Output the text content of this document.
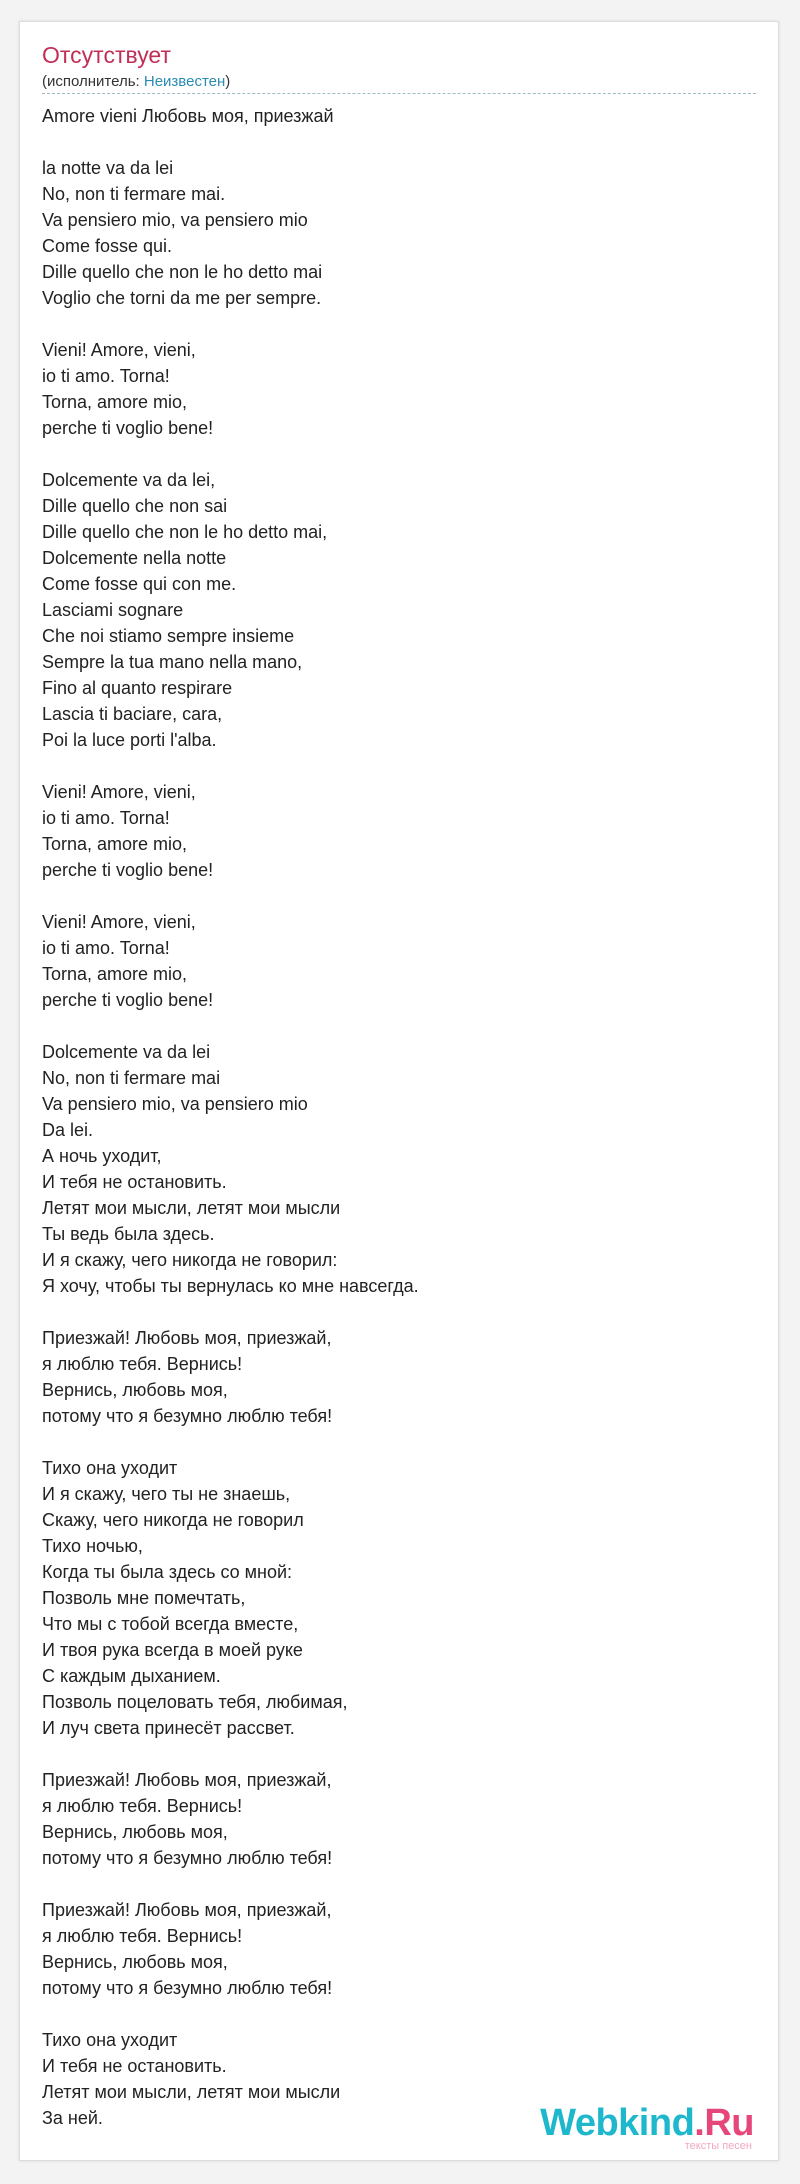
Отсутствует
(исполнитель: Неизвестен)
Amore vieni Любовь моя, приезжай
la notte va da lei
No, non ti fermare mai.
Va pensiero mio, va pensiero mio
Come fosse qui.
Dille quello che non le ho detto mai
Voglio che torni da me per sempre.
Vieni! Amore, vieni,
io ti amo. Torna!
Torna, amore mio,
perche ti voglio bene!
Dolcemente va da lei,
Dille quello che non sai
Dille quello che non le ho detto mai,
Dolcemente nella notte
Come fosse qui con me.
Lasciami sognare
Che noi stiamo sempre insieme
Sempre la tua mano nella mano,
Fino al quanto respirare
Lascia ti baciare, cara,
Poi la luce porti l'alba.
Vieni! Amore, vieni,
io ti amo. Torna!
Torna, amore mio,
perche ti voglio bene!
Vieni! Amore, vieni,
io ti amo. Torna!
Torna, amore mio,
perche ti voglio bene!
Dolcemente va da lei
No, non ti fermare mai
Va pensiero mio, va pensiero mio
Da lei.
А ночь уходит,
И тебя не остановить.
Летят мои мысли, летят мои мысли
Ты ведь была здесь.
И я скажу, чего никогда не говорил:
Я хочу, чтобы ты вернулась ко мне навсегда.
Приезжай! Любовь моя, приезжай,
я люблю тебя. Вернись!
Вернись, любовь моя,
потому что я безумно люблю тебя!
Тихо она уходит
И я скажу, чего ты не знаешь,
Скажу, чего никогда не говорил
Тихо ночью,
Когда ты была здесь со мной:
Позволь мне помечтать,
Что мы с тобой всегда вместе,
И твоя рука всегда в моей руке
С каждым дыханием.
Позволь поцеловать тебя, любимая,
И луч света принесёт рассвет.
Приезжай! Любовь моя, приезжай,
я люблю тебя. Вернись!
Вернись, любовь моя,
потому что я безумно люблю тебя!
Приезжай! Любовь моя, приезжай,
я люблю тебя. Вернись!
Вернись, любовь моя,
потому что я безумно люблю тебя!
Тихо она уходит
И тебя не остановить.
Летят мои мысли, летят мои мысли
За ней.	Webkind.Ru
тексты песен
